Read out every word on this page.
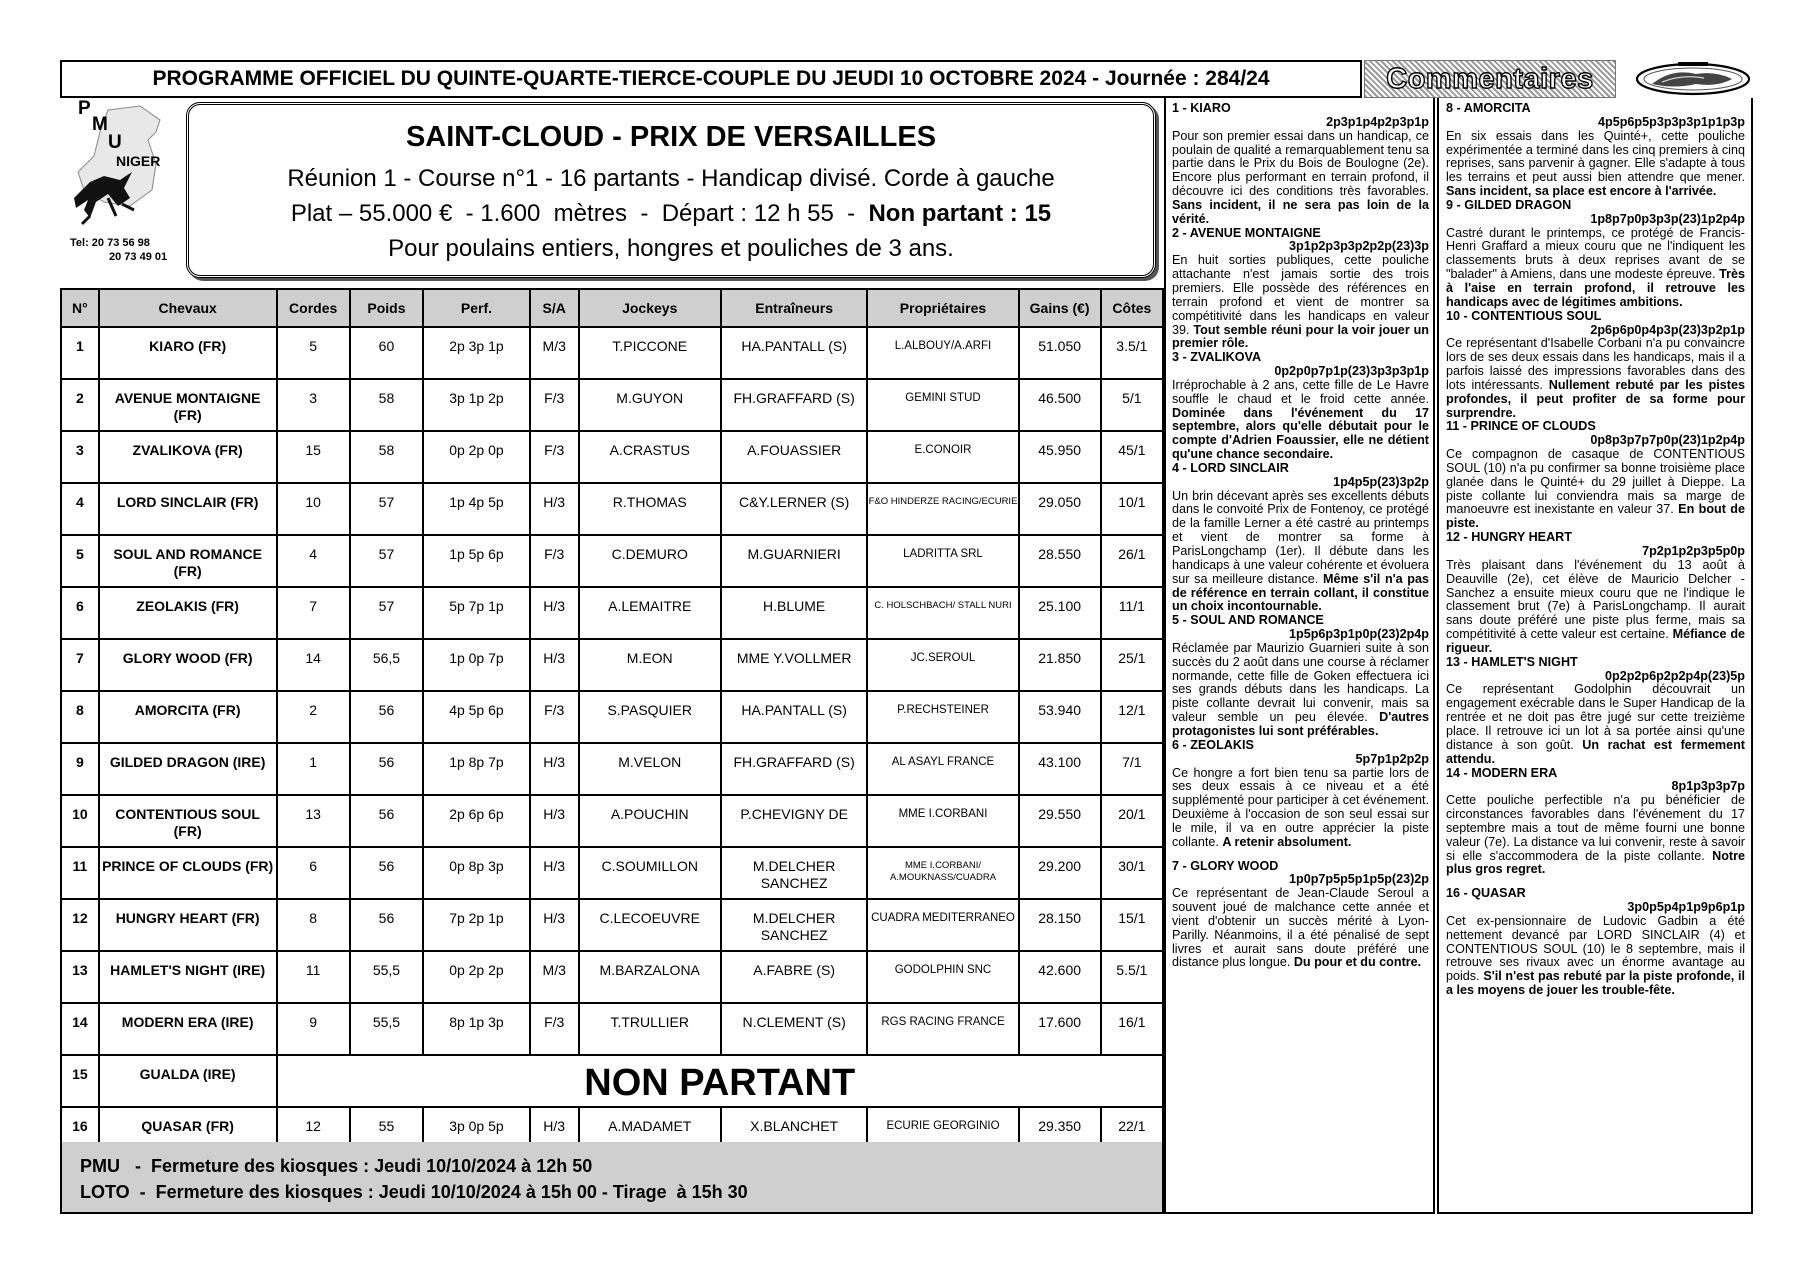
PROGRAMME OFFICIEL DU QUINTE-QUARTE-TIERCE-COUPLE DU JEUDI 10 OCTOBRE 2024 - Journée : 284/24	Commentaires
P
M
U
NIGER
Tel: 20 73 56 98
20 73 49 01
SAINT-CLOUD - PRIX DE VERSAILLES
Réunion 1 - Course n°1 - 16 partants - Handicap divisé. Corde à gauche
Plat – 55.000 €  - 1.600  mètres  -  Départ : 12 h 55  -  Non partant : 15
Pour poulains entiers, hongres et pouliches de 3 ans.
N°	Chevaux	Cordes	Poids	Perf.	S/A	Jockeys	Entraîneurs	Propriétaires	Gains (€)	Côtes
1	KIARO (FR)	5	60	2p 3p 1p	M/3	T.PICCONE	HA.PANTALL (S)	L.ALBOUY/A.ARFI	51.050	3.5/1
2	AVENUE MONTAIGNE (FR)	3	58	3p 1p 2p	F/3	M.GUYON	FH.GRAFFARD (S)	GEMINI STUD	46.500	5/1
3	ZVALIKOVA (FR)	15	58	0p 2p 0p	F/3	A.CRASTUS	A.FOUASSIER	E.CONOIR	45.950	45/1
4	LORD SINCLAIR (FR)	10	57	1p 4p 5p	H/3	R.THOMAS	C&Y.LERNER (S)	F&O HINDERZE RACING/ECURIE	29.050	10/1
5	SOUL AND ROMANCE (FR)	4	57	1p 5p 6p	F/3	C.DEMURO	M.GUARNIERI	LADRITTA SRL	28.550	26/1
6	ZEOLAKIS (FR)	7	57	5p 7p 1p	H/3	A.LEMAITRE	H.BLUME	C. HOLSCHBACH/ STALL NURI	25.100	11/1
7	GLORY WOOD (FR)	14	56,5	1p 0p 7p	H/3	M.EON	MME Y.VOLLMER	JC.SEROUL	21.850	25/1
8	AMORCITA (FR)	2	56	4p 5p 6p	F/3	S.PASQUIER	HA.PANTALL (S)	P.RECHSTEINER	53.940	12/1
9	GILDED DRAGON (IRE)	1	56	1p 8p 7p	H/3	M.VELON	FH.GRAFFARD (S)	AL ASAYL FRANCE	43.100	7/1
10	CONTENTIOUS SOUL (FR)	13	56	2p 6p 6p	H/3	A.POUCHIN	P.CHEVIGNY DE	MME I.CORBANI	29.550	20/1
11	PRINCE OF CLOUDS (FR)	6	56	0p 8p 3p	H/3	C.SOUMILLON	M.DELCHER SANCHEZ	MME I.CORBANI/ A.MOUKNASS/CUADRA	29.200	30/1
12	HUNGRY HEART (FR)	8	56	7p 2p 1p	H/3	C.LECOEUVRE	M.DELCHER SANCHEZ	CUADRA MEDITERRANEO	28.150	15/1
13	HAMLET'S NIGHT (IRE)	11	55,5	0p 2p 2p	M/3	M.BARZALONA	A.FABRE (S)	GODOLPHIN SNC	42.600	5.5/1
14	MODERN ERA (IRE)	9	55,5	8p 1p 3p	F/3	T.TRULLIER	N.CLEMENT (S)	RGS RACING FRANCE	17.600	16/1
15	GUALDA (IRE)	NON PARTANT								
16	QUASAR (FR)	12	55	3p 0p 5p	H/3	A.MADAMET	X.BLANCHET	ECURIE GEORGINIO	29.350	22/1
PMU   -  Fermeture des kiosques : Jeudi 10/10/2024 à 12h 50
LOTO  -  Fermeture des kiosques : Jeudi 10/10/2024 à 15h 00 - Tirage  à 15h 30
1 - KIARO
2p3p1p4p2p3p1p
Pour son premier essai dans un handicap, ce poulain de qualité a remarquablement tenu sa partie dans le Prix du Bois de Boulogne (2e). Encore plus performant en terrain profond, il découvre ici des conditions très favorables. Sans incident, il ne sera pas loin de la vérité.
2 - AVENUE MONTAIGNE
3p1p2p3p3p2p2p(23)3p
En huit sorties publiques, cette pouliche attachante n'est jamais sortie des trois premiers. Elle possède des références en terrain profond et vient de montrer sa compétitivité dans les handicaps en valeur 39. Tout semble réuni pour la voir jouer un premier rôle.
3 - ZVALIKOVA
0p2p0p7p1p(23)3p3p3p1p
Irréprochable à 2 ans, cette fille de Le Havre souffle le chaud et le froid cette année. Dominée dans l'événement du 17 septembre, alors qu'elle débutait pour le compte d'Adrien Foaussier, elle ne détient qu'une chance secondaire.
4 - LORD SINCLAIR
1p4p5p(23)3p2p
Un brin décevant après ses excellents débuts dans le convoité Prix de Fontenoy, ce protégé de la famille Lerner a été castré au printemps et vient de montrer sa forme à ParisLongchamp (1er). Il débute dans les handicaps à une valeur cohérente et évoluera sur sa meilleure distance. Même s'il n'a pas de référence en terrain collant, il constitue un choix incontournable.
5 - SOUL AND ROMANCE
1p5p6p3p1p0p(23)2p4p
Réclamée par Maurizio Guarnieri suite à son succès du 2 août dans une course à réclamer normande, cette fille de Goken effectuera ici ses grands débuts dans les handicaps. La piste collante devrait lui convenir, mais sa valeur semble un peu élevée. D'autres protagonistes lui sont préférables.
6 - ZEOLAKIS
5p7p1p2p2p
Ce hongre a fort bien tenu sa partie lors de ses deux essais à ce niveau et a été supplémenté pour participer à cet événement. Deuxième à l'occasion de son seul essai sur le mile, il va en outre apprécier la piste collante. A retenir absolument.
7 - GLORY WOOD
1p0p7p5p5p1p5p(23)2p
Ce représentant de Jean-Claude Seroul a souvent joué de malchance cette année et vient d'obtenir un succès mérité à Lyon-Parilly. Néanmoins, il a été pénalisé de sept livres et aurait sans doute préféré une distance plus longue. Du pour et du contre.
8 - AMORCITA
4p5p6p5p3p3p3p1p1p3p
En six essais dans les Quinté+, cette pouliche expérimentée a terminé dans les cinq premiers à cinq reprises, sans parvenir à gagner. Elle s'adapte à tous les terrains et peut aussi bien attendre que mener. Sans incident, sa place est encore à l'arrivée.
9 - GILDED DRAGON
1p8p7p0p3p3p(23)1p2p4p
Castré durant le printemps, ce protégé de Francis-Henri Graffard a mieux couru que ne l'indiquent les classements bruts à deux reprises avant de se "balader" à Amiens, dans une modeste épreuve. Très à l'aise en terrain profond, il retrouve les handicaps avec de légitimes ambitions.
10 - CONTENTIOUS SOUL
2p6p6p0p4p3p(23)3p2p1p
Ce représentant d'Isabelle Corbani n'a pu convaincre lors de ses deux essais dans les handicaps, mais il a parfois laissé des impressions favorables dans des lots intéressants. Nullement rebuté par les pistes profondes, il peut profiter de sa forme pour surprendre.
11 - PRINCE OF CLOUDS
0p8p3p7p7p0p(23)1p2p4p
Ce compagnon de casaque de CONTENTIOUS SOUL (10) n'a pu confirmer sa bonne troisième place glanée dans le Quinté+ du 29 juillet à Dieppe. La piste collante lui conviendra mais sa marge de manoeuvre est inexistante en valeur 37. En bout de piste.
12 - HUNGRY HEART
7p2p1p2p3p5p0p
Très plaisant dans l'événement du 13 août à Deauville (2e), cet élève de Mauricio Delcher -Sanchez a ensuite mieux couru que ne l'indique le classement brut (7e) à ParisLongchamp. Il aurait sans doute préféré une piste plus ferme, mais sa compétitivité à cette valeur est certaine. Méfiance de rigueur.
13 - HAMLET'S NIGHT
0p2p2p6p2p2p4p(23)5p
Ce représentant Godolphin découvrait un engagement exécrable dans le Super Handicap de la rentrée et ne doit pas être jugé sur cette treizième place. Il retrouve ici un lot à sa portée ainsi qu'une distance à son goût. Un rachat est fermement attendu.
14 - MODERN ERA
8p1p3p3p7p
Cette pouliche perfectible n'a pu bénéficier de circonstances favorables dans l'événement du 17 septembre mais a tout de même fourni une bonne valeur (7e). La distance va lui convenir, reste à savoir si elle s'accommodera de la piste collante. Notre plus gros regret.
16 - QUASAR
3p0p5p4p1p9p6p1p
Cet ex-pensionnaire de Ludovic Gadbin a été nettement devancé par LORD SINCLAIR (4) et CONTENTIOUS SOUL (10) le 8 septembre, mais il retrouve ses rivaux avec un énorme avantage au poids. S'il n'est pas rebuté par la piste profonde, il a les moyens de jouer les trouble-fête.
